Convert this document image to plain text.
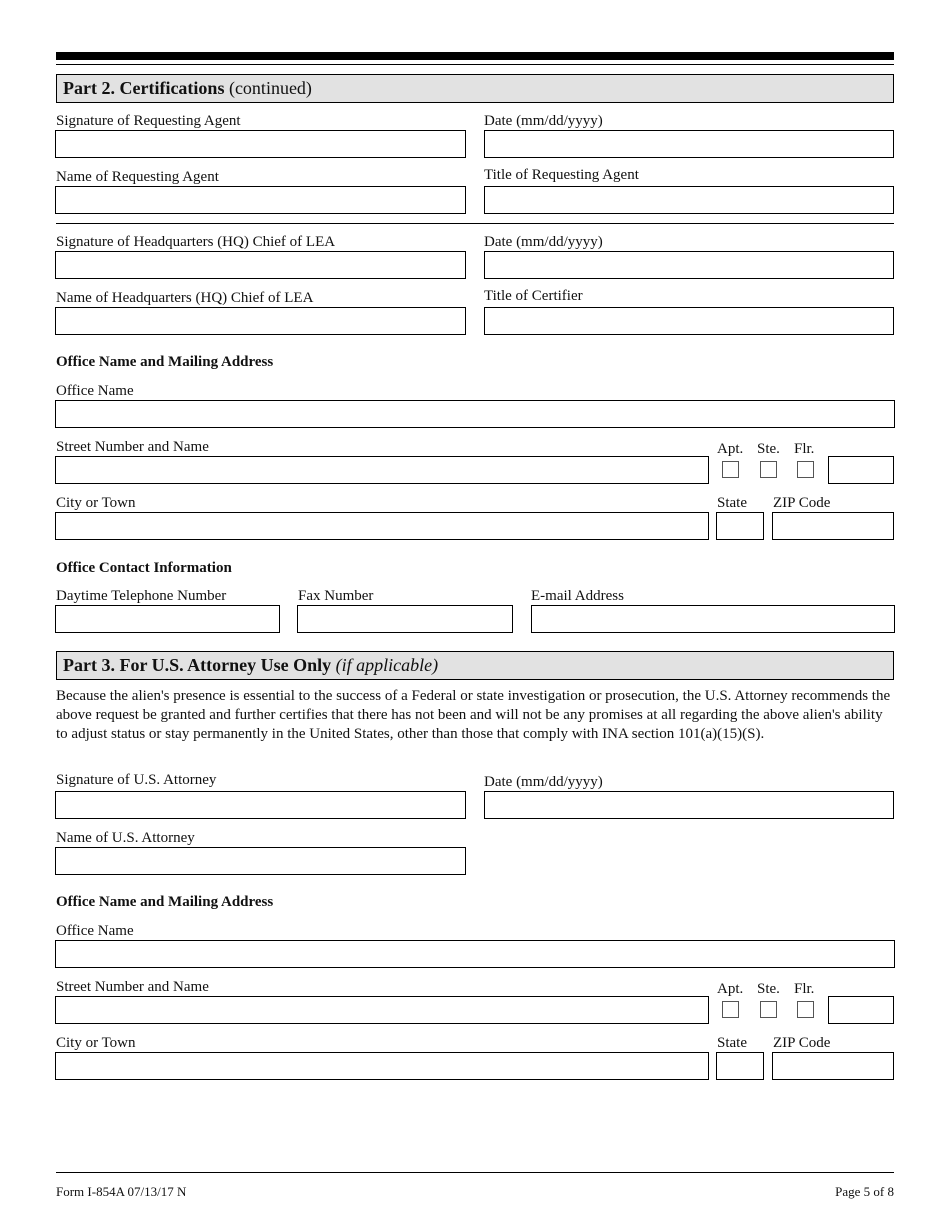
Part 2. Certifications (continued)
Signature of Requesting Agent	Date (mm/dd/yyyy)
Name of Requesting Agent	Title of Requesting Agent
Signature of Headquarters (HQ) Chief of LEA	Date (mm/dd/yyyy)
Name of Headquarters (HQ) Chief of LEA	Title of Certifier
Office Name and Mailing Address
Office Name
Street Number and Name	Apt. Ste. Flr.
City or Town	State ZIP Code
Office Contact Information
Daytime Telephone Number	Fax Number	E-mail Address
Part 3. For U.S. Attorney Use Only (if applicable)
Because the alien's presence is essential to the success of a Federal or state investigation or prosecution, the U.S. Attorney recommends the above request be granted and further certifies that there has not been and will not be any promises at all regarding the above alien's ability to adjust status or stay permanently in the United States, other than those that comply with INA section 101(a)(15)(S).
Signature of U.S. Attorney	Date (mm/dd/yyyy)
Name of U.S. Attorney
Office Name and Mailing Address
Office Name
Street Number and Name	Apt. Ste. Flr.
City or Town	State ZIP Code
Form I-854A 07/13/17 N	Page 5 of 8
